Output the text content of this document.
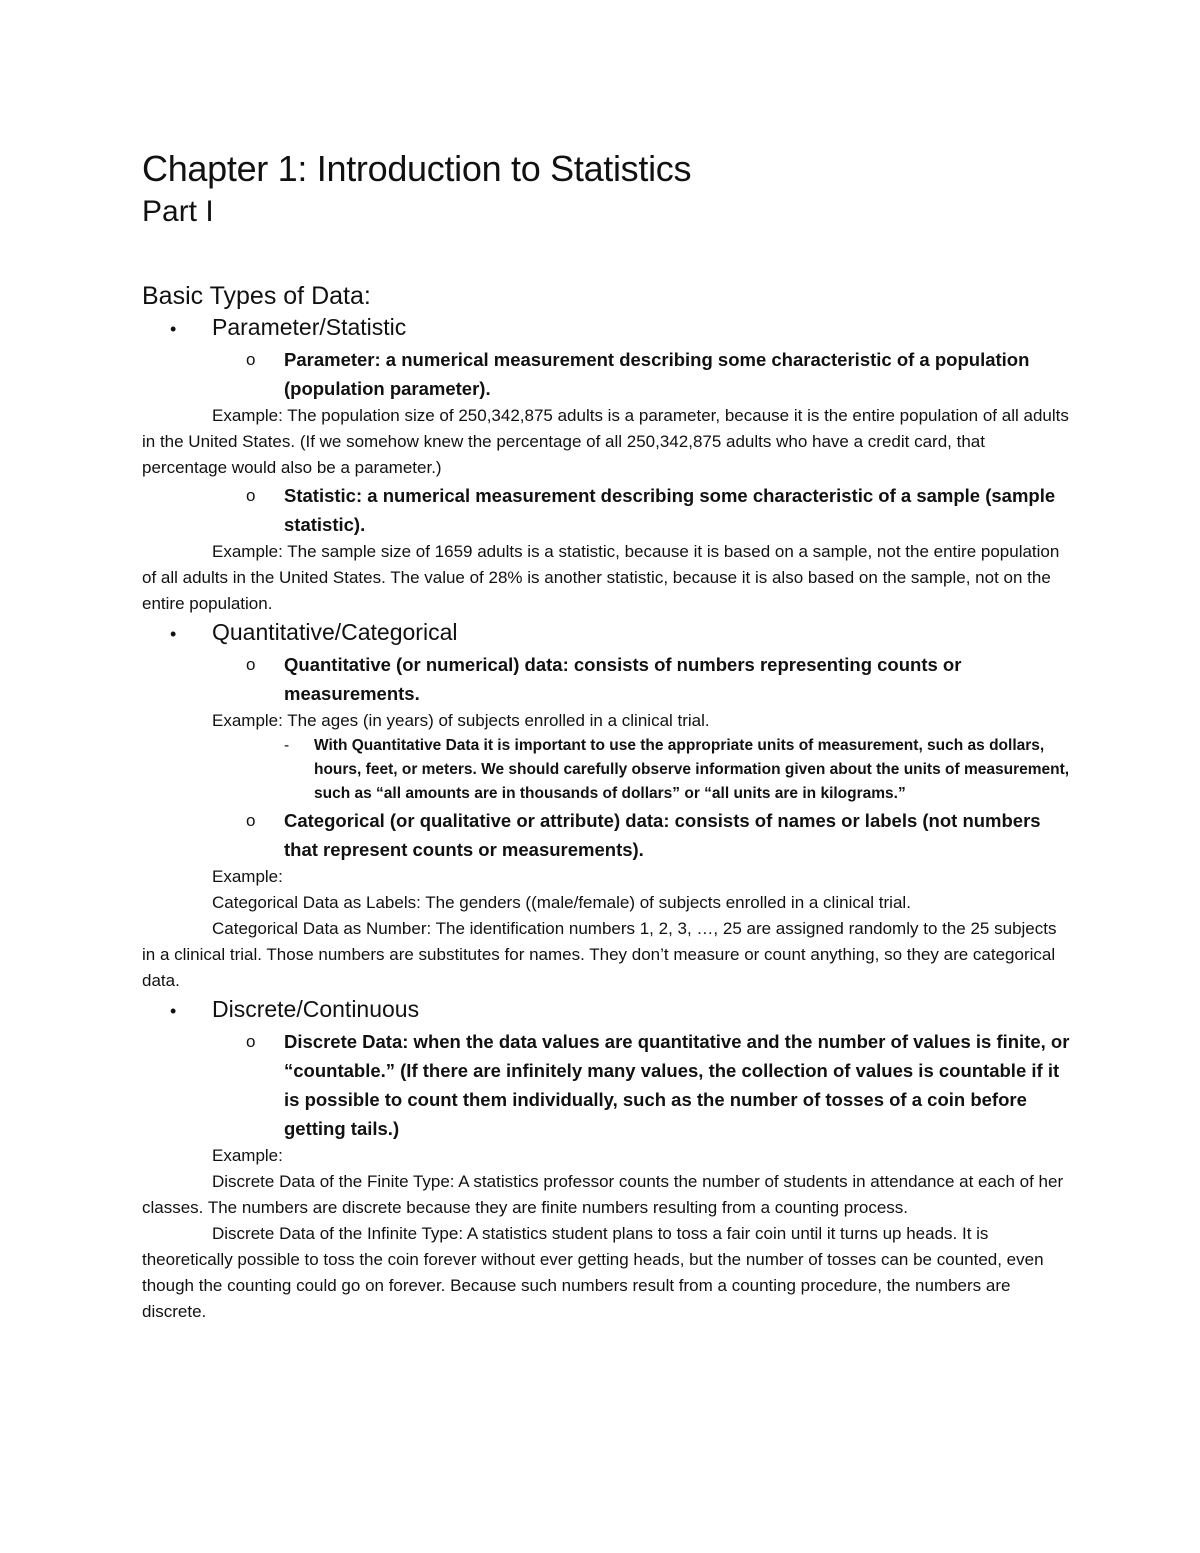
Chapter 1: Introduction to Statistics
Part I
Basic Types of Data:
•	Parameter/Statistic
o	Parameter: a numerical measurement describing some characteristic of a population (population parameter).
Example: The population size of 250,342,875 adults is a parameter, because it is the entire population of all adults in the United States. (If we somehow knew the percentage of all 250,342,875 adults who have a credit card, that percentage would also be a parameter.)
o	Statistic: a numerical measurement describing some characteristic of a sample (sample statistic).
Example: The sample size of 1659 adults is a statistic, because it is based on a sample, not the entire population of all adults in the United States. The value of 28% is another statistic, because it is also based on the sample, not on the entire population.
•	Quantitative/Categorical
o	Quantitative (or numerical) data: consists of numbers representing counts or measurements.
Example: The ages (in years) of subjects enrolled in a clinical trial.
-	With Quantitative Data it is important to use the appropriate units of measurement, such as dollars, hours, feet, or meters. We should carefully observe information given about the units of measurement, such as “all amounts are in thousands of dollars” or “all units are in kilograms.”
o	Categorical (or qualitative or attribute) data: consists of names or labels (not numbers that represent counts or measurements).
Example:
Categorical Data as Labels: The genders ((male/female) of subjects enrolled in a clinical trial.
Categorical Data as Number: The identification numbers 1, 2, 3, …, 25 are assigned randomly to the 25 subjects in a clinical trial. Those numbers are substitutes for names. They don’t measure or count anything, so they are categorical data.
•	Discrete/Continuous
o	Discrete Data: when the data values are quantitative and the number of values is finite, or “countable.” (If there are infinitely many values, the collection of values is countable if it is possible to count them individually, such as the number of tosses of a coin before getting tails.)
Example:
Discrete Data of the Finite Type: A statistics professor counts the number of students in attendance at each of her classes. The numbers are discrete because they are finite numbers resulting from a counting process.
Discrete Data of the Infinite Type: A statistics student plans to toss a fair coin until it turns up heads. It is theoretically possible to toss the coin forever without ever getting heads, but the number of tosses can be counted, even though the counting could go on forever. Because such numbers result from a counting procedure, the numbers are discrete.
